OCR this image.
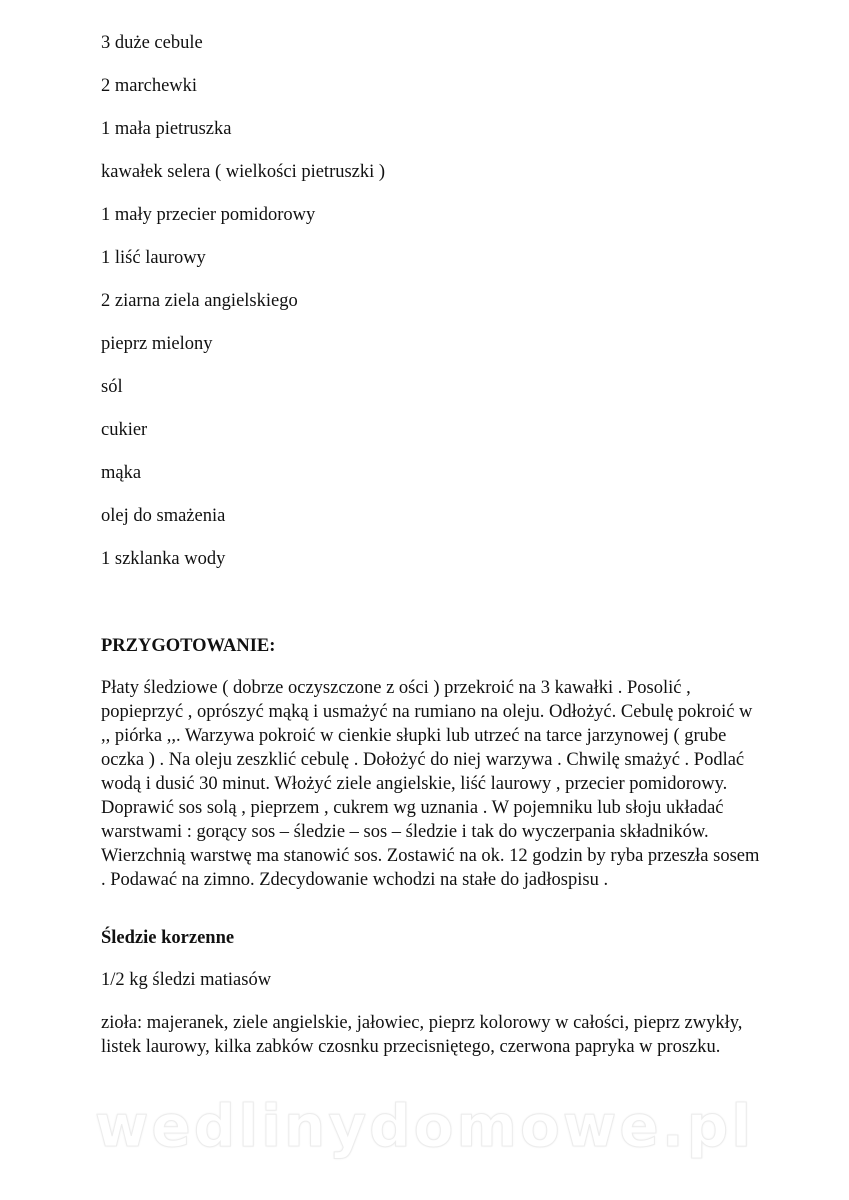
3 duże cebule

2 marchewki

1 mała pietruszka

kawałek selera ( wielkości pietruszki )

1 mały przecier pomidorowy

1 liść laurowy

2 ziarna ziela angielskiego

pieprz mielony

sól

cukier

mąka

olej do smażenia

1 szklanka wody

PRZYGOTOWANIE:

Płaty śledziowe ( dobrze oczyszczone z ości ) przekroić na 3 kawałki . Posolić , popieprzyć , oprószyć mąką i usmażyć na rumiano na oleju. Odłożyć. Cebulę pokroić w ,, piórka ,,. Warzywa pokroić w cienkie słupki lub utrzeć na tarce jarzynowej ( grube oczka ) . Na oleju zeszklić cebulę . Dołożyć do niej warzywa . Chwilę smażyć . Podlać wodą i dusić 30 minut. Włożyć ziele angielskie, liść laurowy , przecier pomidorowy. Doprawić sos solą , pieprzem , cukrem wg uznania . W pojemniku lub słoju układać warstwami : gorący sos – śledzie – sos – śledzie i tak do wyczerpania składników. Wierzchnią warstwę ma stanowić sos. Zostawić na ok. 12 godzin by ryba przeszła sosem . Podawać na zimno. Zdecydowanie wchodzi na stałe do jadłospisu .

Śledzie korzenne

1/2 kg śledzi matiasów

zioła: majeranek, ziele angielskie, jałowiec, pieprz kolorowy w całości, pieprz zwykły, listek laurowy, kilka zabków czosnku przecisniętego, czerwona papryka w proszku.

wedlinydomowe.pl
